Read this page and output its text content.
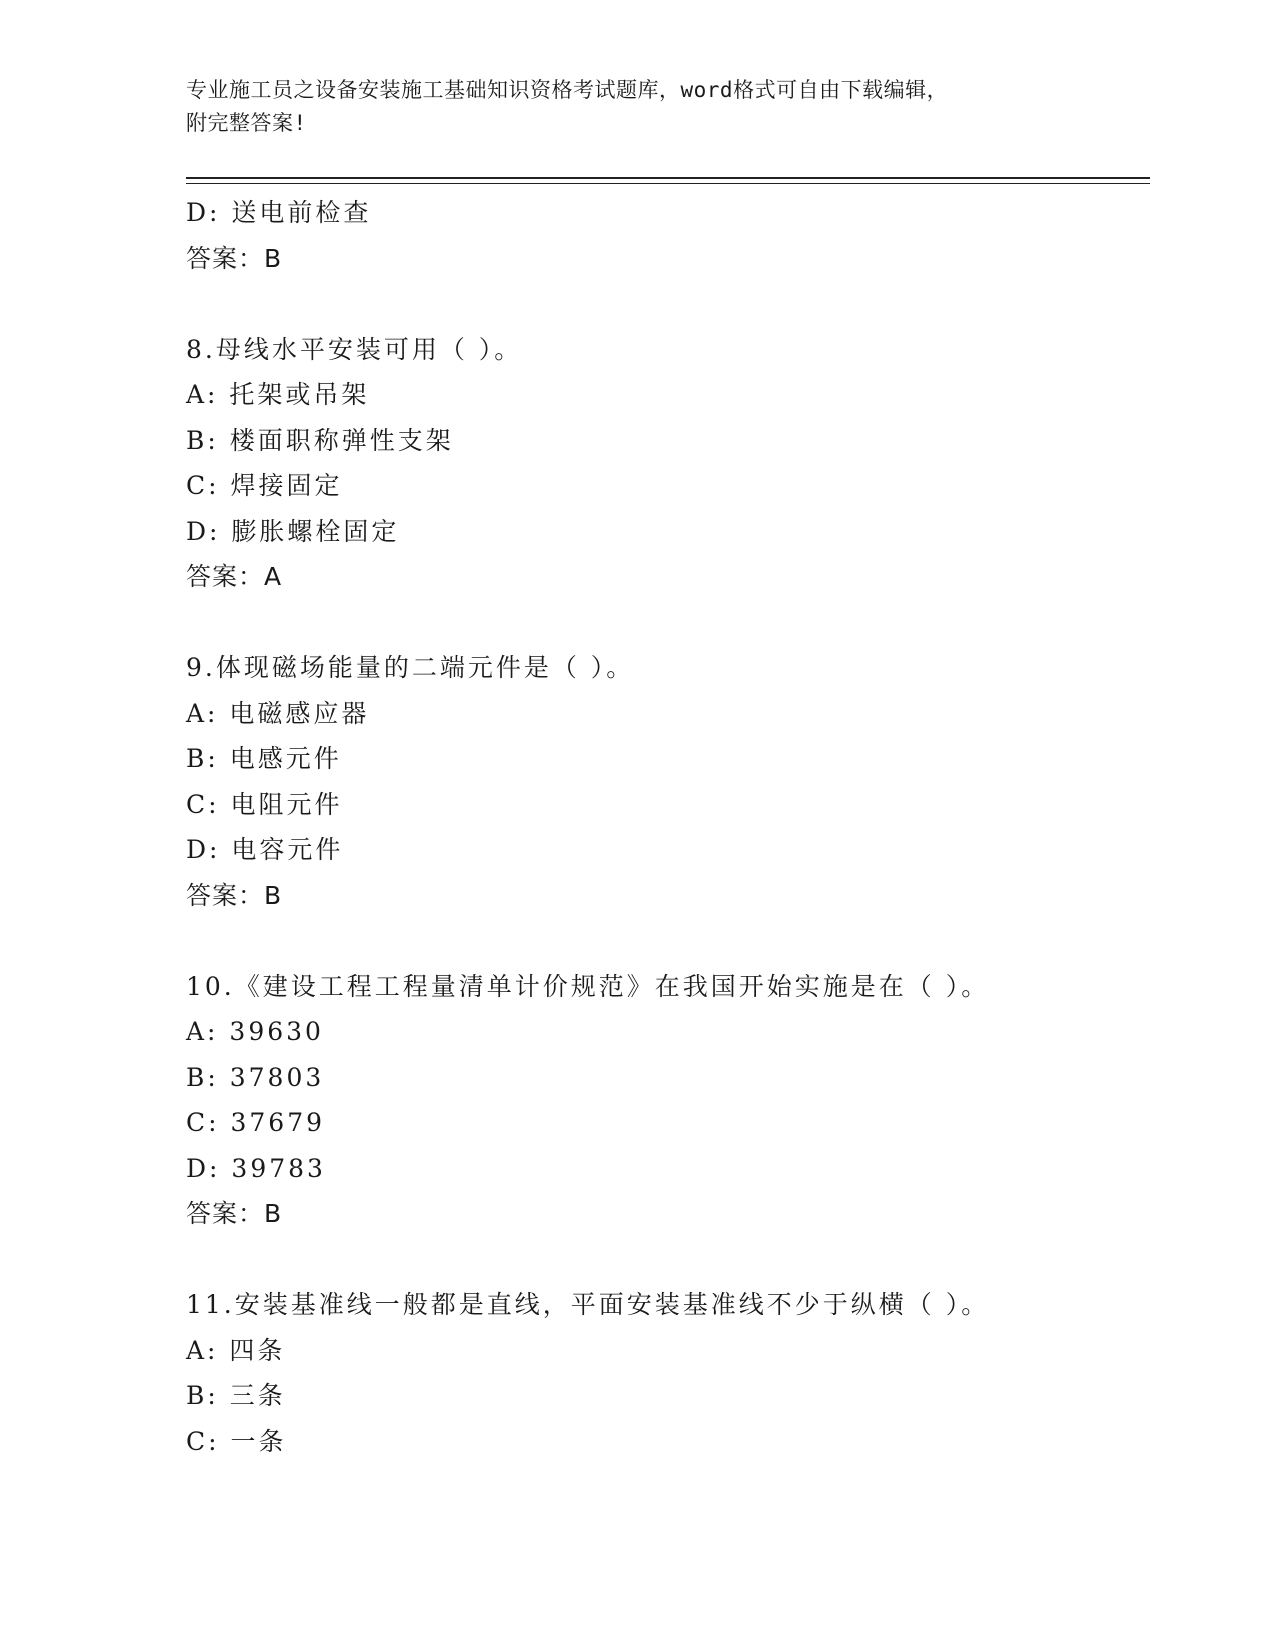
专业施工员之设备安装施工基础知识资格考试题库，word格式可自由下载编辑，
附完整答案!
D: 送电前检查
答案：B
8.母线水平安装可用（ ）。
A: 托架或吊架
B: 楼面职称弹性支架
C: 焊接固定
D: 膨胀螺栓固定
答案：A
9.体现磁场能量的二端元件是（ ）。
A: 电磁感应器
B: 电感元件
C: 电阻元件
D: 电容元件
答案：B
10.《建设工程工程量清单计价规范》在我国开始实施是在（ ）。
A: 39630
B: 37803
C: 37679
D: 39783
答案：B
11.安装基准线一般都是直线，平面安装基准线不少于纵横（ ）。
A: 四条
B: 三条
C: 一条
